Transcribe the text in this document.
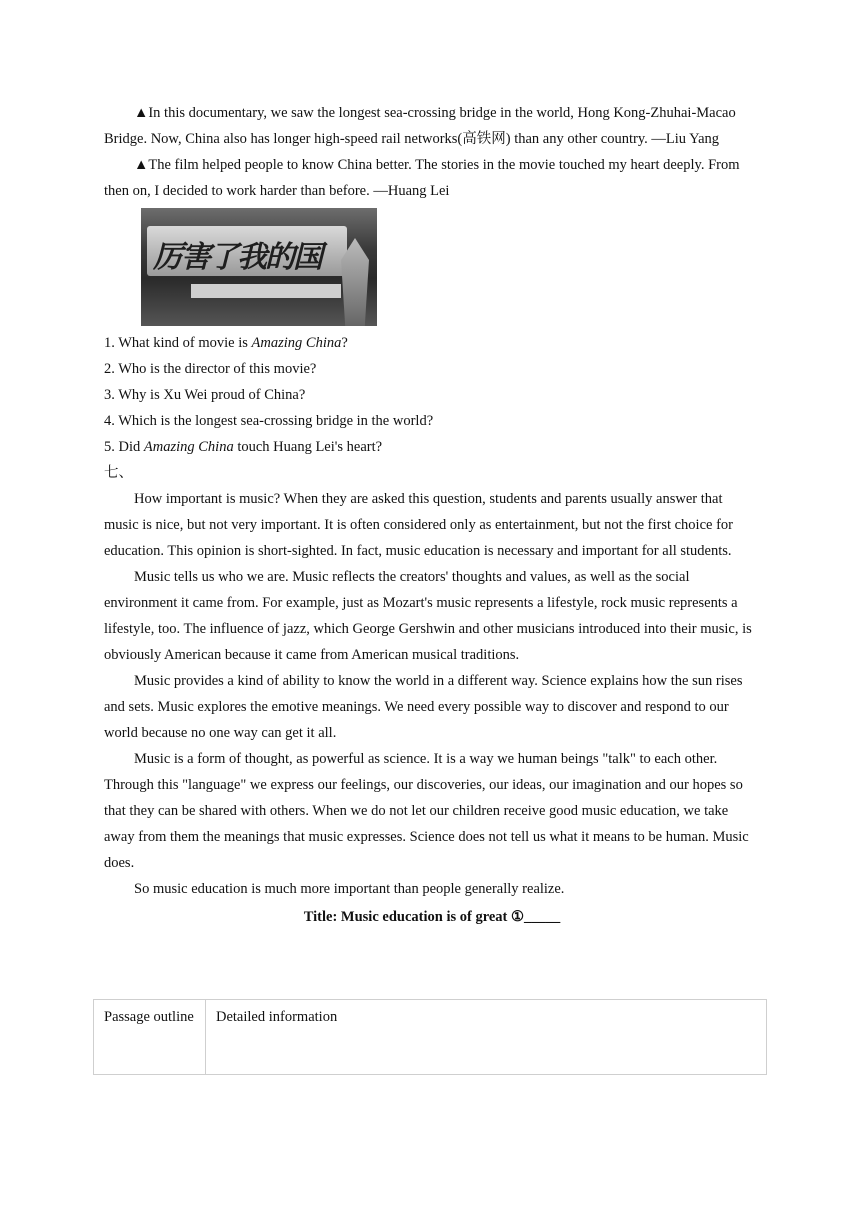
▲In this documentary, we saw the longest sea-crossing bridge in the world, Hong Kong-Zhuhai-Macao Bridge. Now, China also has longer high-speed rail networks(高铁网) than any other country. —Liu Yang

▲The film helped people to know China better. The stories in the movie touched my heart deeply. From then on, I decided to work harder than before. —Huang Lei

厉害了我的国

1. What kind of movie is Amazing China?

2. Who is the director of this movie?

3. Why is Xu Wei proud of China?

4. Which is the longest sea-crossing bridge in the world?

5. Did Amazing China touch Huang Lei's heart?

七、

How important is music? When they are asked this question, students and parents usually answer that music is nice, but not very important. It is often considered only as entertainment, but not the first choice for education. This opinion is short-sighted. In fact, music education is necessary and important for all students.

Music tells us who we are. Music reflects the creators' thoughts and values, as well as the social environment it came from. For example, just as Mozart's music represents a lifestyle, rock music represents a lifestyle, too. The influence of jazz, which George Gershwin and other musicians introduced into their music, is obviously American because it came from American musical traditions.

Music provides a kind of ability to know the world in a different way. Science explains how the sun rises and sets. Music explores the emotive meanings. We need every possible way to discover and respond to our world because no one way can get it all.

Music is a form of thought, as powerful as science. It is a way we human beings "talk" to each other. Through this "language" we express our feelings, our discoveries, our ideas, our imagination and our hopes so that they can be shared with others. When we do not let our children receive good music education, we take away from them the meanings that music expresses. Science does not tell us what it means to be human. Music does.

So music education is much more important than people generally realize.

Title: Music education is of great ①_____
Passage outline	Detailed information
